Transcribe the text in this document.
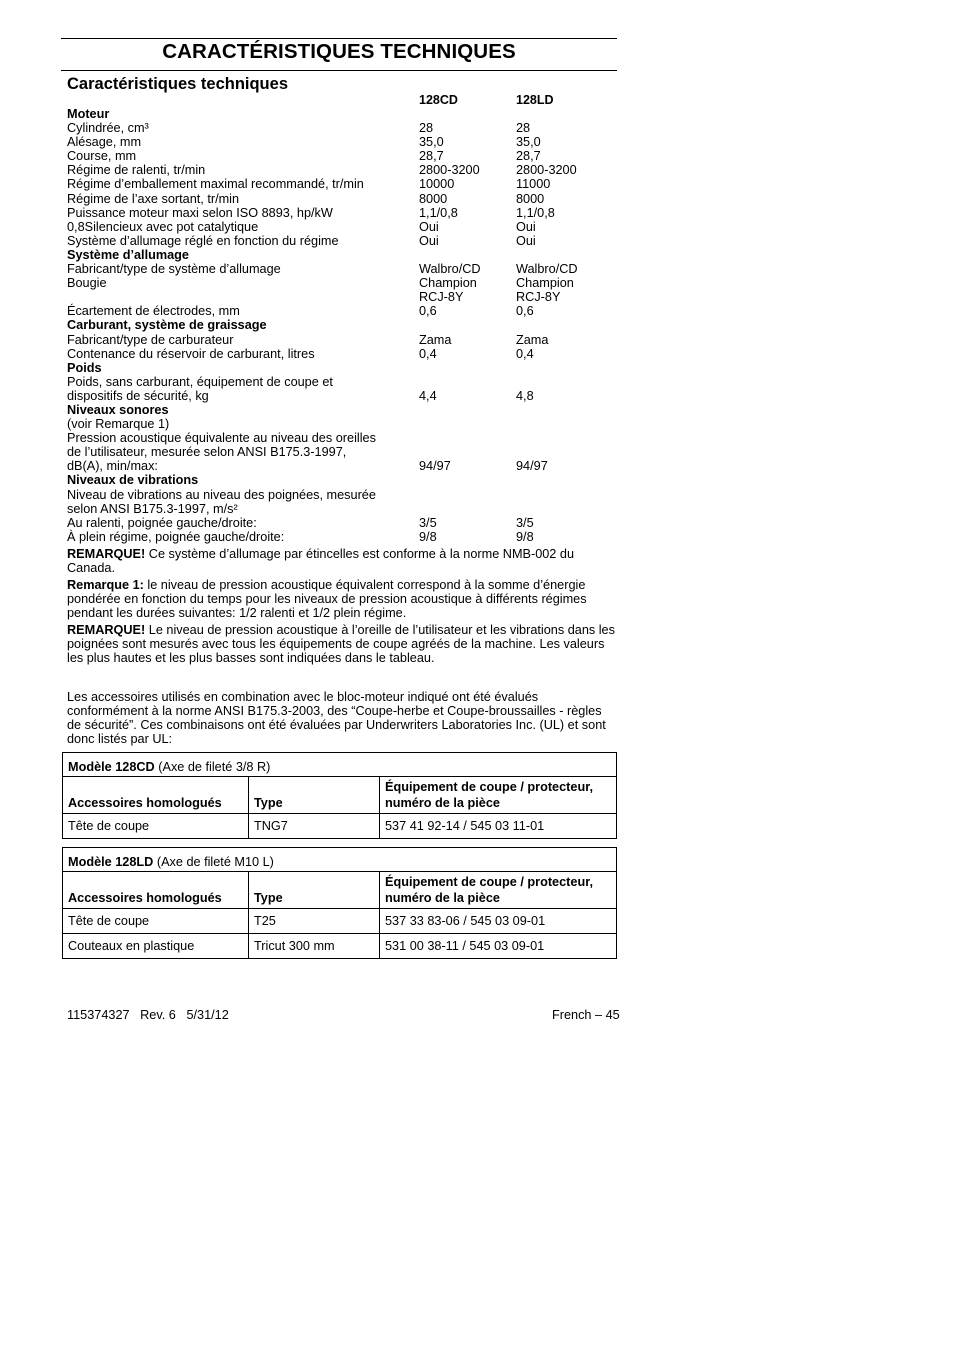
CARACTÉRISTIQUES TECHNIQUES
Caractéristiques techniques
128CD	128LD
Moteur
Cylindrée, cm³	28	28
Alésage, mm	35,0	35,0
Course, mm	28,7	28,7
Régime de ralenti, tr/min	2800-3200	2800-3200
Régime d’emballement maximal recommandé, tr/min	10000	11000
Régime de l’axe sortant, tr/min	8000	8000
Puissance moteur maxi selon ISO 8893, hp/kW	1,1/0,8	1,1/0,8
0,8Silencieux avec pot catalytique	Oui	Oui
Système d’allumage réglé en fonction du régime	Oui	Oui
Système d’allumage
Fabricant/type de système d’allumage	Walbro/CD	Walbro/CD
Bougie	Champion	Champion
RCJ-8Y	RCJ-8Y
Écartement de électrodes, mm	0,6	0,6
Carburant, système de graissage
Fabricant/type de carburateur	Zama	Zama
Contenance du réservoir de carburant, litres	0,4	0,4
Poids
Poids, sans carburant, équipement de coupe et
dispositifs de sécurité, kg	4,4	4,8
Niveaux sonores
(voir Remarque 1)
Pression acoustique équivalente au niveau des oreilles
de l’utilisateur, mesurée selon ANSI B175.3-1997,
dB(A), min/max:	94/97	94/97
Niveaux de vibrations
Niveau de vibrations au niveau des poignées, mesurée
selon ANSI B175.3-1997, m/s²
Au ralenti, poignée gauche/droite:	3/5	3/5
À plein régime, poignée gauche/droite:	9/8	9/8
REMARQUE! Ce système d’allumage par étincelles est conforme à la norme NMB-002 du Canada.
Remarque 1: le niveau de pression acoustique équivalent correspond à la somme d’énergie pondérée en fonction du temps pour les niveaux de pression acoustique à différents régimes pendant les durées suivantes: 1/2 ralenti et 1/2 plein régime.
REMARQUE! Le niveau de pression acoustique à l’oreille de l’utilisateur et les vibrations dans les poignées sont mesurés avec tous les équipements de coupe agréés de la machine. Les valeurs les plus hautes et les plus basses sont indiquées dans le tableau.
Les accessoires utilisés en combination avec le bloc-moteur indiqué ont été évalués conformément à la norme ANSI B175.3-2003, des “Coupe-herbe et Coupe-broussailles - règles de sécurité”. Ces combinaisons ont été évaluées par Underwriters Laboratories Inc. (UL) et sont donc listés par UL:
Modèle 128CD (Axe de fileté 3/8 R)		
Accessoires homologués	Type	Équipement de coupe / protecteur, numéro de la pièce
Tête de coupe	TNG7	537 41 92-14 / 545 03 11-01
Modèle 128LD (Axe de fileté M10 L)		
Accessoires homologués	Type	Équipement de coupe / protecteur, numéro de la pièce
Tête de coupe	T25	537 33 83-06 / 545 03 09-01
Couteaux en plastique	Tricut 300 mm	531 00 38-11 / 545 03 09-01
115374327   Rev. 6   5/31/12	French – 45
